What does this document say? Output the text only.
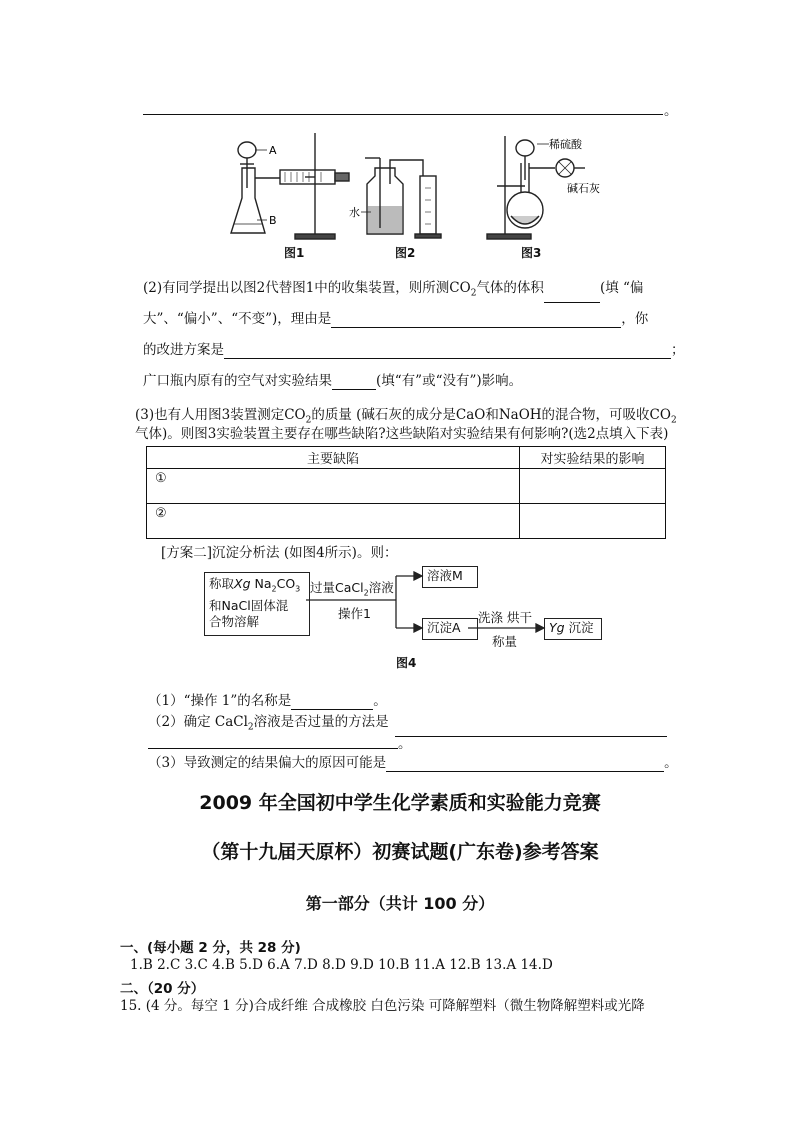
。
A
B
水
稀硫酸
碱石灰
图1	图2	图3
(2)有同学提出以图2代替图1中的收集装置，则所测$CO_2$气体的体积	(填 “偏
大”、“偏小”、“不变”)，理由是	，你
的改进方案是	；
广口瓶内原有的空气对实验结果	(填“有”或“没有”)影响。
(3)也有人用图3装置测定$CO_2$的质量 (碱石灰的成分是CaO和NaOH的混合物，可吸收$CO_2$
气体)。则图3实验装置主要存在哪些缺陷?这些缺陷对实验结果有何影响?(选2点填入下表)
主要缺陷	对实验结果的影响
①	
②	
[方案二]沉淀分析法 (如图4所示)。则：
称取Xg $Na_2CO_3$
和NaCl固体混
合物溶解
过量CaCl$_2$溶液
操作1
溶液M
沉淀A
洗涤 烘干
称量
Yg 沉淀
图4
（1）“操作 1”的名称是	。
（2）确定 CaCl$_2$溶液是否过量的方法是
。
（3）导致测定的结果偏大的原因可能是	。
2009 年全国初中学生化学素质和实验能力竞赛
（第十九届天原杯）初赛试题(广东卷)参考答案
第一部分（共计 100 分）
一、(每小题 2 分，共 28 分)
1.B 2.C 3.C 4.B 5.D 6.A 7.D 8.D 9.D 10.B 11.A 12.B 13.A 14.D
二、（20 分）
15. (4 分。每空 1 分)合成纤维 合成橡胶 白色污染 可降解塑料（微生物降解塑料或光降
